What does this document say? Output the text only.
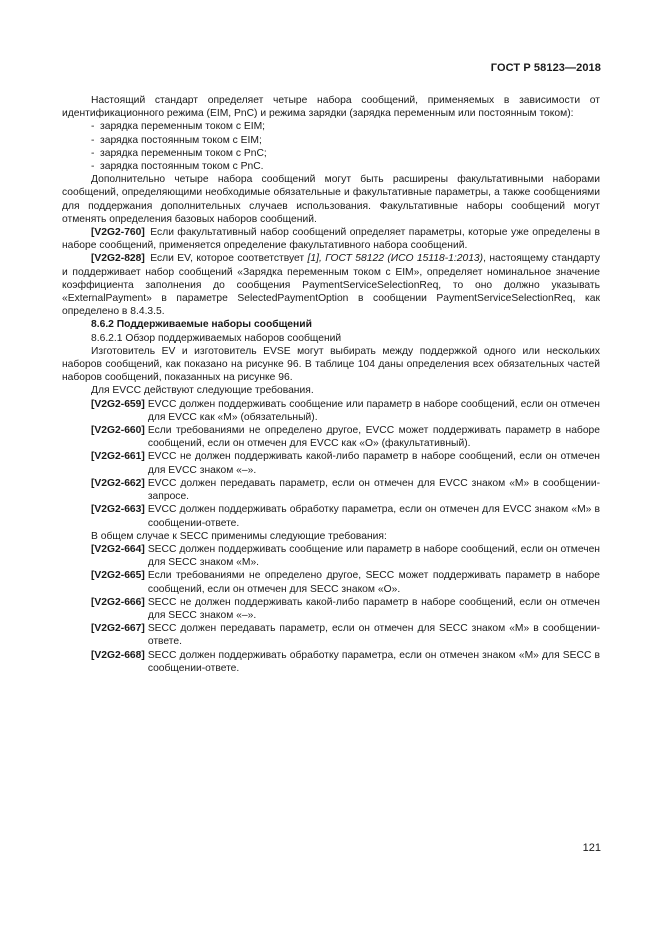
ГОСТ Р 58123—2018

Настоящий стандарт определяет четыре набора сообщений, применяемых в зависимости от идентификационного режима (EIM, PnC) и режима зарядки (зарядка переменным или постоянным током):

- зарядка переменным током с EIM;

- зарядка постоянным током с EIM;

- зарядка переменным током с PnC;

- зарядка постоянным током с PnC.

Дополнительно четыре набора сообщений могут быть расширены факультативными наборами сообщений, определяющими необходимые обязательные и факультативные параметры, а также сообщениями для поддержания дополнительных случаев использования. Факультативные наборы сообщений могут отменять определения базовых наборов сообщений.

[V2G2-760] Если факультативный набор сообщений определяет параметры, которые уже определены в наборе сообщений, применяется определение факультативного набора сообщений.

[V2G2-828] Если EV, которое соответствует [1], ГОСТ 58122 (ИСО 15118-1:2013), настоящему стандарту и поддерживает набор сообщений «Зарядка переменным током с EIM», определяет номинальное значение коэффициента заполнения до сообщения PaymentServiceSelectionReq, то оно должно указывать «ExternalPayment» в параметре SelectedPaymentOption в сообщении PaymentServiceSelectionReq, как определено в 8.4.3.5.

8.6.2 Поддерживаемые наборы сообщений

8.6.2.1 Обзор поддерживаемых наборов сообщений

Изготовитель EV и изготовитель EVSE могут выбирать между поддержкой одного или нескольких наборов сообщений, как показано на рисунке 96. В таблице 104 даны определения всех обязательных частей наборов сообщений, показанных на рисунке 96.

Для EVCC действуют следующие требования.

[V2G2-659] EVCC должен поддерживать сообщение или параметр в наборе сообщений, если он отмечен для EVCC как «M» (обязательный).
[V2G2-660] Если требованиями не определено другое, EVCC может поддерживать параметр в наборе сообщений, если он отмечен для EVCC как «O» (факультативный).
[V2G2-661] EVCC не должен поддерживать какой-либо параметр в наборе сообщений, если он отмечен для EVCC знаком «–».
[V2G2-662] EVCC должен передавать параметр, если он отмечен для EVCC знаком «M» в сообщении-запросе.
[V2G2-663] EVCC должен поддерживать обработку параметра, если он отмечен для EVCC знаком «M» в сообщении-ответе.

В общем случае к SECC применимы следующие требования:

[V2G2-664] SECC должен поддерживать сообщение или параметр в наборе сообщений, если он отмечен для SECC знаком «M».
[V2G2-665] Если требованиями не определено другое, SECC может поддерживать параметр в наборе сообщений, если он отмечен для SECC знаком «O».
[V2G2-666] SECC не должен поддерживать какой-либо параметр в наборе сообщений, если он отмечен для SECC знаком «–».
[V2G2-667] SECC должен передавать параметр, если он отмечен для SECC знаком «M» в сообщении-ответе.
[V2G2-668] SECC должен поддерживать обработку параметра, если он отмечен знаком «M» для SECC в сообщении-ответе.
121
